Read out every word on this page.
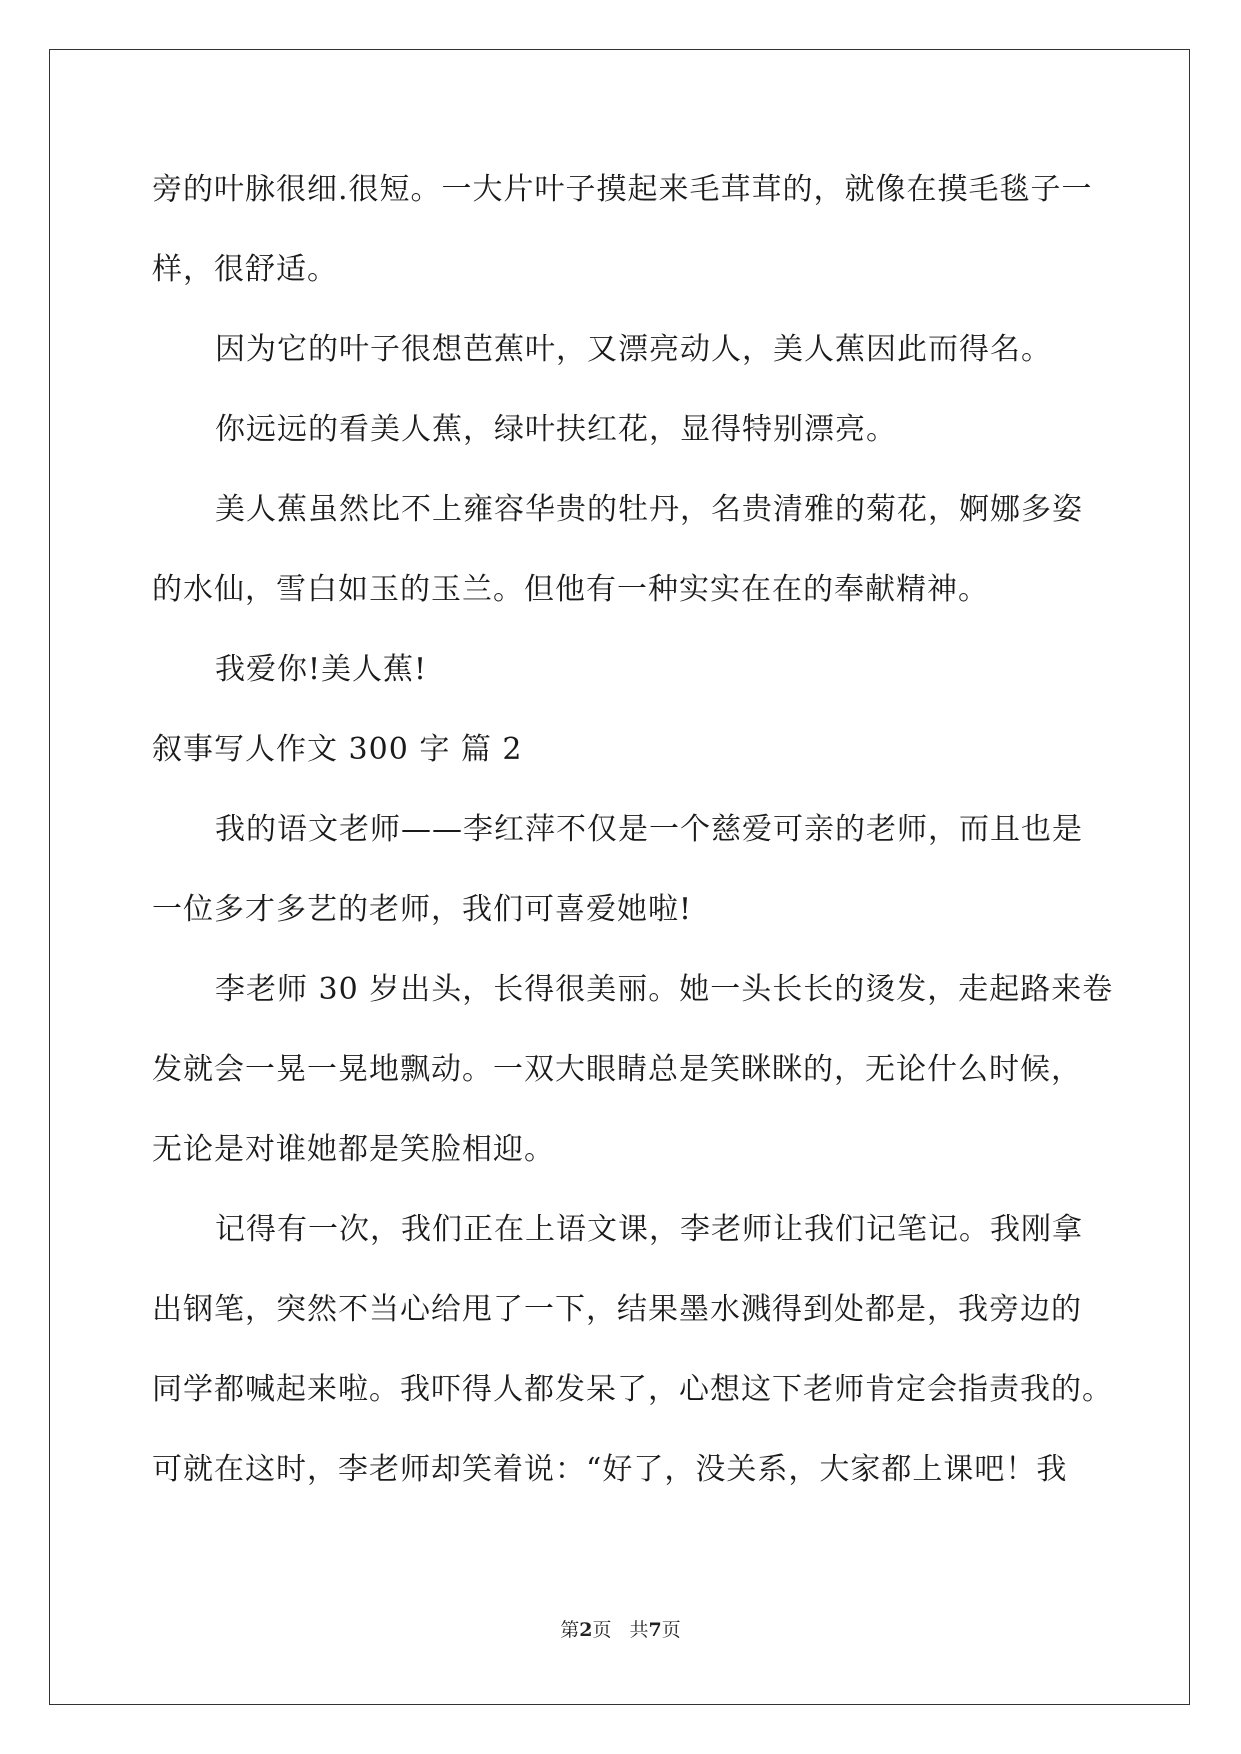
旁的叶脉很细.很短。一大片叶子摸起来毛茸茸的，就像在摸毛毯子一
样，很舒适。
因为它的叶子很想芭蕉叶，又漂亮动人，美人蕉因此而得名。
你远远的看美人蕉，绿叶扶红花，显得特别漂亮。
美人蕉虽然比不上雍容华贵的牡丹，名贵清雅的菊花，婀娜多姿
的水仙，雪白如玉的玉兰。但他有一种实实在在的奉献精神。
我爱你!美人蕉!
叙事写人作文 300 字 篇 2
我的语文老师——李红萍不仅是一个慈爱可亲的老师，而且也是
一位多才多艺的老师，我们可喜爱她啦!
李老师 30 岁出头，长得很美丽。她一头长长的烫发，走起路来卷
发就会一晃一晃地飘动。一双大眼睛总是笑眯眯的，无论什么时候，
无论是对谁她都是笑脸相迎。
记得有一次，我们正在上语文课，李老师让我们记笔记。我刚拿
出钢笔，突然不当心给甩了一下，结果墨水溅得到处都是，我旁边的
同学都喊起来啦。我吓得人都发呆了，心想这下老师肯定会指责我的。
可就在这时，李老师却笑着说：“好了，没关系，大家都上课吧！我
第2页 共7页
